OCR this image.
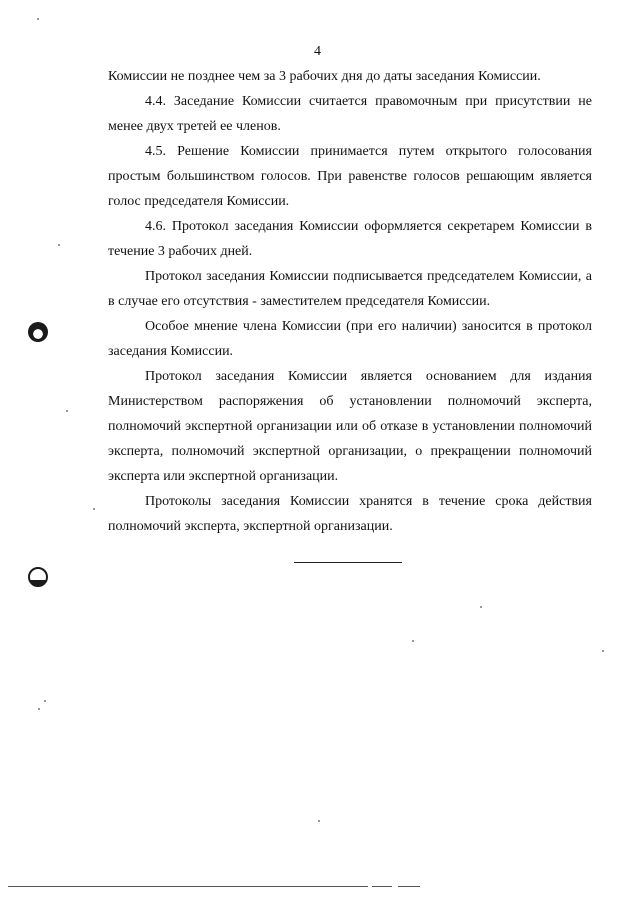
4

Комиссии не позднее чем за 3 рабочих дня до даты заседания Комиссии.

4.4. Заседание Комиссии считается правомочным при присутствии не менее двух третей ее членов.

4.5. Решение Комиссии принимается путем открытого голосования простым большинством голосов. При равенстве голосов решающим является голос председателя Комиссии.

4.6. Протокол заседания Комиссии оформляется секретарем Комиссии в течение 3 рабочих дней.

Протокол заседания Комиссии подписывается председателем Комиссии, а в случае его отсутствия - заместителем председателя Комиссии.

Особое мнение члена Комиссии (при его наличии) заносится в протокол заседания Комиссии.

Протокол заседания Комиссии является основанием для издания Министерством распоряжения об установлении полномочий эксперта, полномочий экспертной организации или об отказе в установлении полномочий эксперта, полномочий экспертной организации, о прекращении полномочий эксперта или экспертной организации.

Протоколы заседания Комиссии хранятся в течение срока действия полномочий эксперта, экспертной организации.
